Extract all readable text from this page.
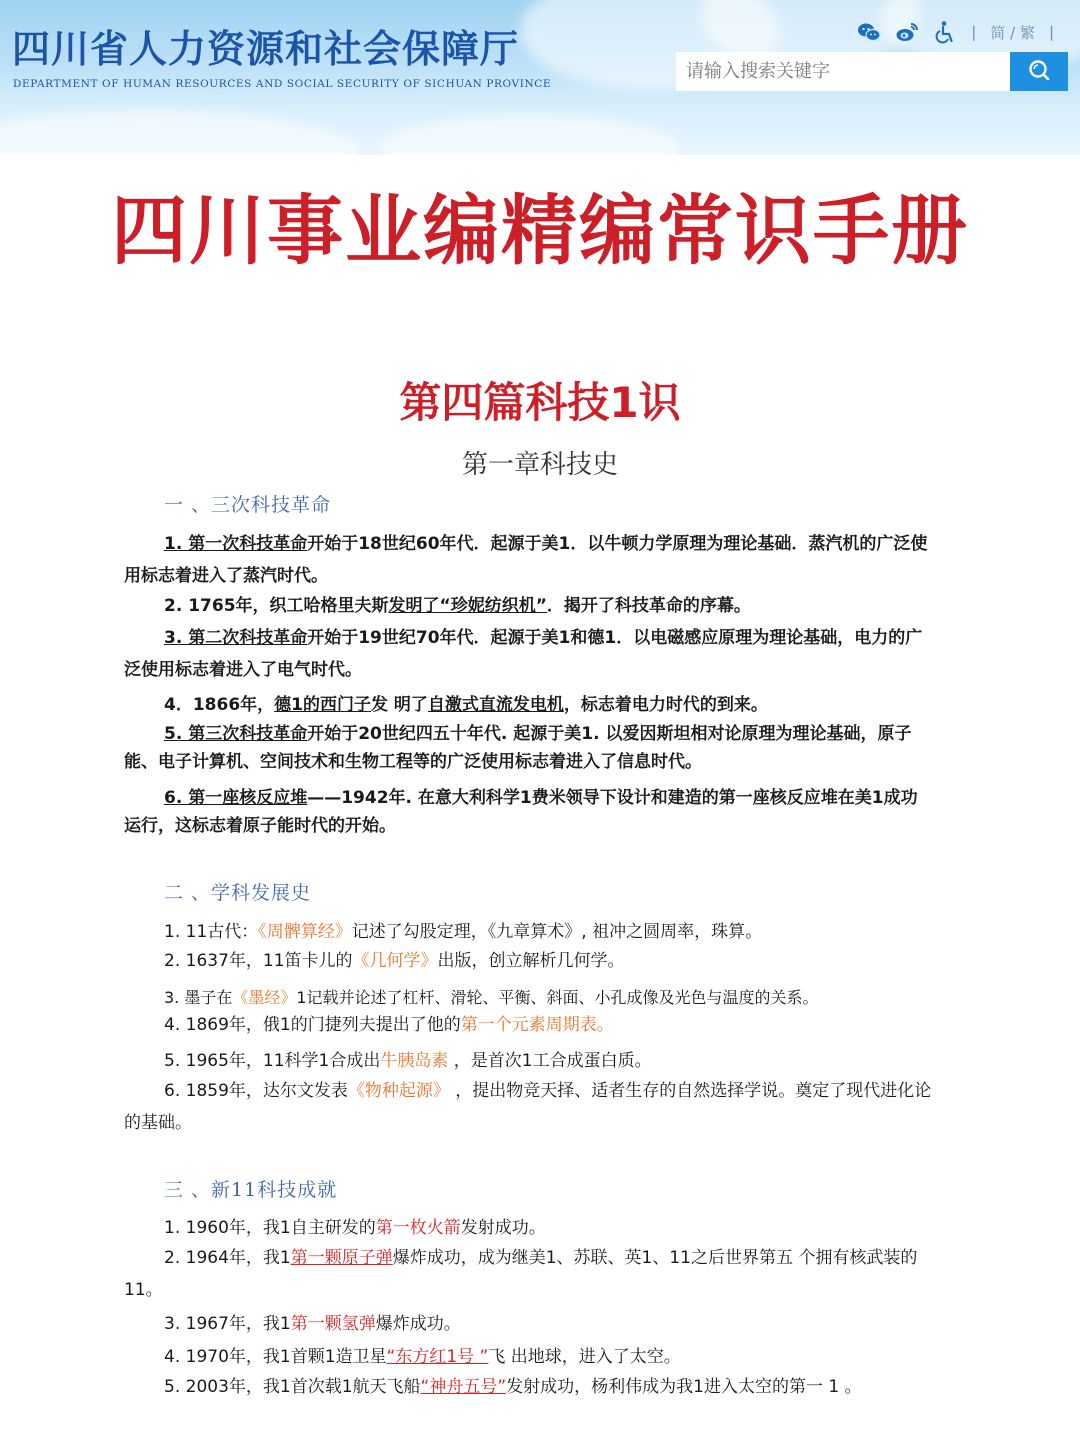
四川省人力资源和社会保障厅
DEPARTMENT OF HUMAN RESOURCES AND SOCIAL SECURITY OF SICHUAN PROVINCE
| 简 / 繁 |
请输入搜索关键字
四川事业编精编常识手册
第四篇科技1识
第一章科技史
一 、三次科技革命

1. 第一次科技革命开始于18世纪60年代．起源于美1．以牛顿力学原理为理论基础．蒸汽机的广泛使用标志着进入了蒸汽时代。

2. 1765年，织工哈格里夫斯发明了“珍妮纺织机”．揭开了科技革命的序幕。

3. 第二次科技革命开始于19世纪70年代．起源于美1和德1．以电磁感应原理为理论基础，电力的广泛使用标志着进入了电气时代。

4．1866年，德1的西门子发 明了自激式直流发电机，标志着电力时代的到来。

5. 第三次科技革命开始于20世纪四五十年代. 起源于美1. 以爱因斯坦相对论原理为理论基础，原子能、电子计算机、空间技术和生物工程等的广泛使用标志着进入了信息时代。

6. 第一座核反应堆——1942年. 在意大利科学1费米领导下设计和建造的第一座核反应堆在美1成功运行，这标志着原子能时代的开始。

二 、学科发展史

1. 11古代：《周髀算经》记述了勾股定理，《九章算术》, 祖冲之圆周率，珠算。

2. 1637年，11笛卡儿的《几何学》出版，创立解析几何学。

3. 墨子在《墨经》1记载并论述了杠杆、滑轮、平衡、斜面、小孔成像及光色与温度的关系。

4. 1869年，俄1的门捷列夫提出了他的第一个元素周期表。

5. 1965年，11科学1合成出牛胰岛素 ，是首次1工合成蛋白质。

6. 1859年，达尔文发表《物种起源》 ，提出物竞天择、适者生存的自然选择学说。奠定了现代进化论的基础。

三 、新11科技成就

1. 1960年，我1自主研发的第一枚火箭发射成功。

2. 1964年，我1第一颗原子弹爆炸成功，成为继美1、苏联、英1、11之后世界第五 个拥有核武装的11。

3. 1967年，我1第一颗氢弹爆炸成功。

4. 1970年，我1首颗1造卫星“东方红1号 ”飞 出地球，进入了太空。

5. 2003年，我1首次载1航天飞船“神舟五号”发射成功，杨利伟成为我1进入太空的第一 1 。
